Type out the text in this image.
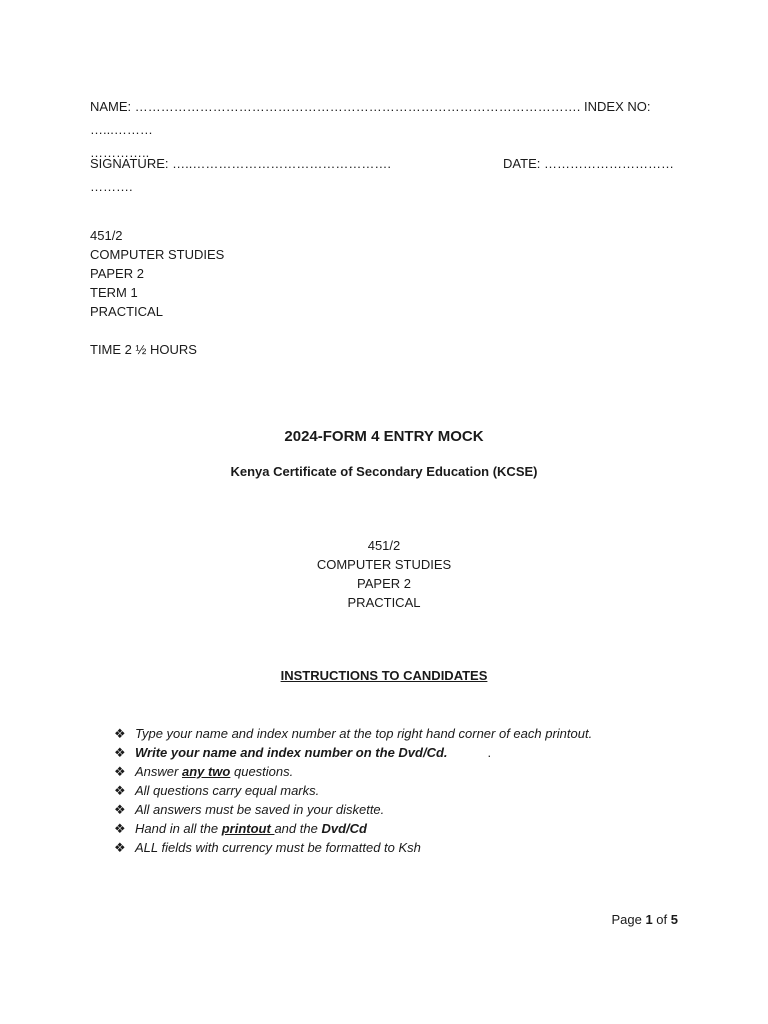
NAME: …………………………………………………………………………………………. INDEX NO: …...………
…………..
SIGNATURE: …..……………………………………….	DATE: …………………………
……….
451/2
COMPUTER STUDIES
PAPER 2
TERM 1
PRACTICAL
TIME 2 ½ HOURS
2024-FORM 4 ENTRY MOCK
Kenya Certificate of Secondary Education (KCSE)
451/2
COMPUTER STUDIES
PAPER 2
PRACTICAL
INSTRUCTIONS TO CANDIDATES
❖ Type your name and index number at the top right hand corner of each printout.
❖ Write your name and index number on the Dvd/Cd.	.
❖ Answer any two questions.
❖ All questions carry equal marks.
❖ All answers must be saved in your diskette.
❖ Hand in all the printout and the Dvd/Cd
❖ ALL fields with currency must be formatted to Ksh
Page 1 of 5
